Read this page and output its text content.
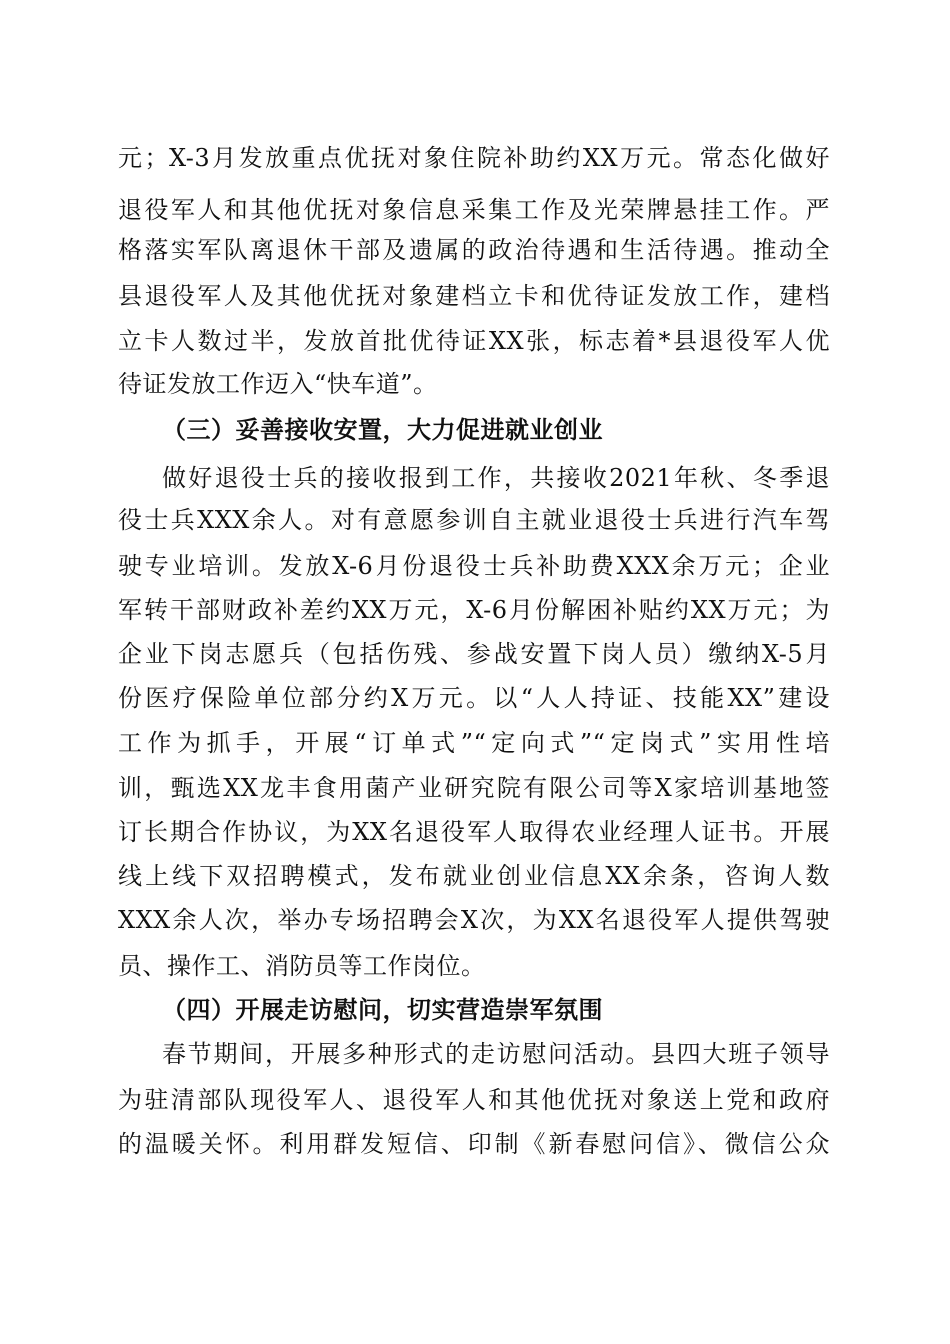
元；X-3月发放重点优抚对象住院补助约XX万元。常态化做好
退役军人和其他优抚对象信息采集工作及光荣牌悬挂工作。严
格落实军队离退休干部及遗属的政治待遇和生活待遇。推动全
县退役军人及其他优抚对象建档立卡和优待证发放工作，建档
立卡人数过半，发放首批优待证XX张，标志着*县退役军人优
待证发放工作迈入“快车道”。
（三）妥善接收安置，大力促进就业创业
做好退役士兵的接收报到工作，共接收2021年秋、冬季退
役士兵XXX余人。对有意愿参训自主就业退役士兵进行汽车驾
驶专业培训。发放X-6月份退役士兵补助费XXX余万元；企业
军转干部财政补差约XX万元，X-6月份解困补贴约XX万元；为
企业下岗志愿兵（包括伤残、参战安置下岗人员）缴纳X-5月
份医疗保险单位部分约X万元。以“人人持证、技能XX”建设
工作为抓手，开展“订单式”“定向式”“定岗式”实用性培
训，甄选XX龙丰食用菌产业研究院有限公司等X家培训基地签
订长期合作协议，为XX名退役军人取得农业经理人证书。开展
线上线下双招聘模式，发布就业创业信息XX余条，咨询人数
XXX余人次，举办专场招聘会X次，为XX名退役军人提供驾驶
员、操作工、消防员等工作岗位。
（四）开展走访慰问，切实营造崇军氛围
春节期间，开展多种形式的走访慰问活动。县四大班子领导
为驻清部队现役军人、退役军人和其他优抚对象送上党和政府
的温暖关怀。利用群发短信、印制《新春慰问信》、微信公众
